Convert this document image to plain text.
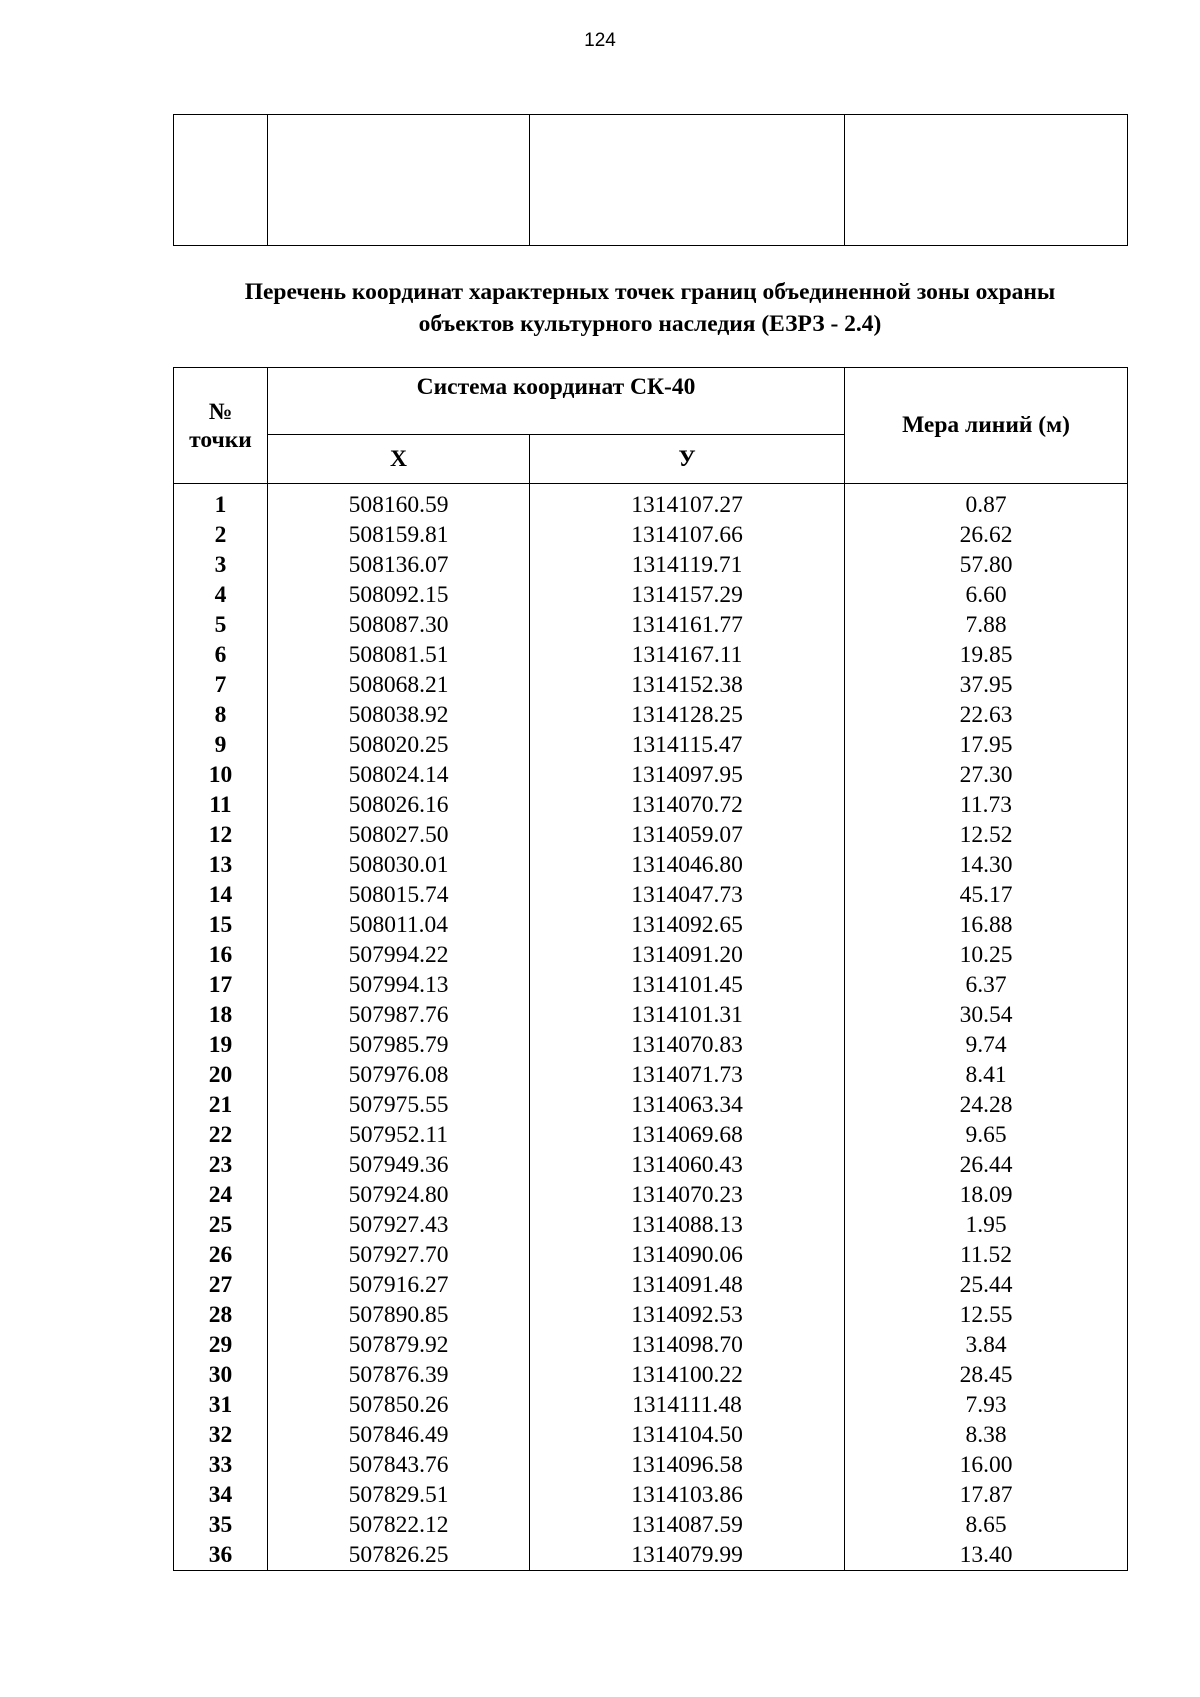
124

Перечень координат характерных точек границ объединенной зоны охраны
объектов культурного наследия (ЕЗРЗ - 2.4)
№
точки	Система координат СК-40		Мера линий (м)
	Х	У	
1	508160.59	1314107.27	0.87
2	508159.81	1314107.66	26.62
3	508136.07	1314119.71	57.80
4	508092.15	1314157.29	6.60
5	508087.30	1314161.77	7.88
6	508081.51	1314167.11	19.85
7	508068.21	1314152.38	37.95
8	508038.92	1314128.25	22.63
9	508020.25	1314115.47	17.95
10	508024.14	1314097.95	27.30
11	508026.16	1314070.72	11.73
12	508027.50	1314059.07	12.52
13	508030.01	1314046.80	14.30
14	508015.74	1314047.73	45.17
15	508011.04	1314092.65	16.88
16	507994.22	1314091.20	10.25
17	507994.13	1314101.45	6.37
18	507987.76	1314101.31	30.54
19	507985.79	1314070.83	9.74
20	507976.08	1314071.73	8.41
21	507975.55	1314063.34	24.28
22	507952.11	1314069.68	9.65
23	507949.36	1314060.43	26.44
24	507924.80	1314070.23	18.09
25	507927.43	1314088.13	1.95
26	507927.70	1314090.06	11.52
27	507916.27	1314091.48	25.44
28	507890.85	1314092.53	12.55
29	507879.92	1314098.70	3.84
30	507876.39	1314100.22	28.45
31	507850.26	1314111.48	7.93
32	507846.49	1314104.50	8.38
33	507843.76	1314096.58	16.00
34	507829.51	1314103.86	17.87
35	507822.12	1314087.59	8.65
36	507826.25	1314079.99	13.40
